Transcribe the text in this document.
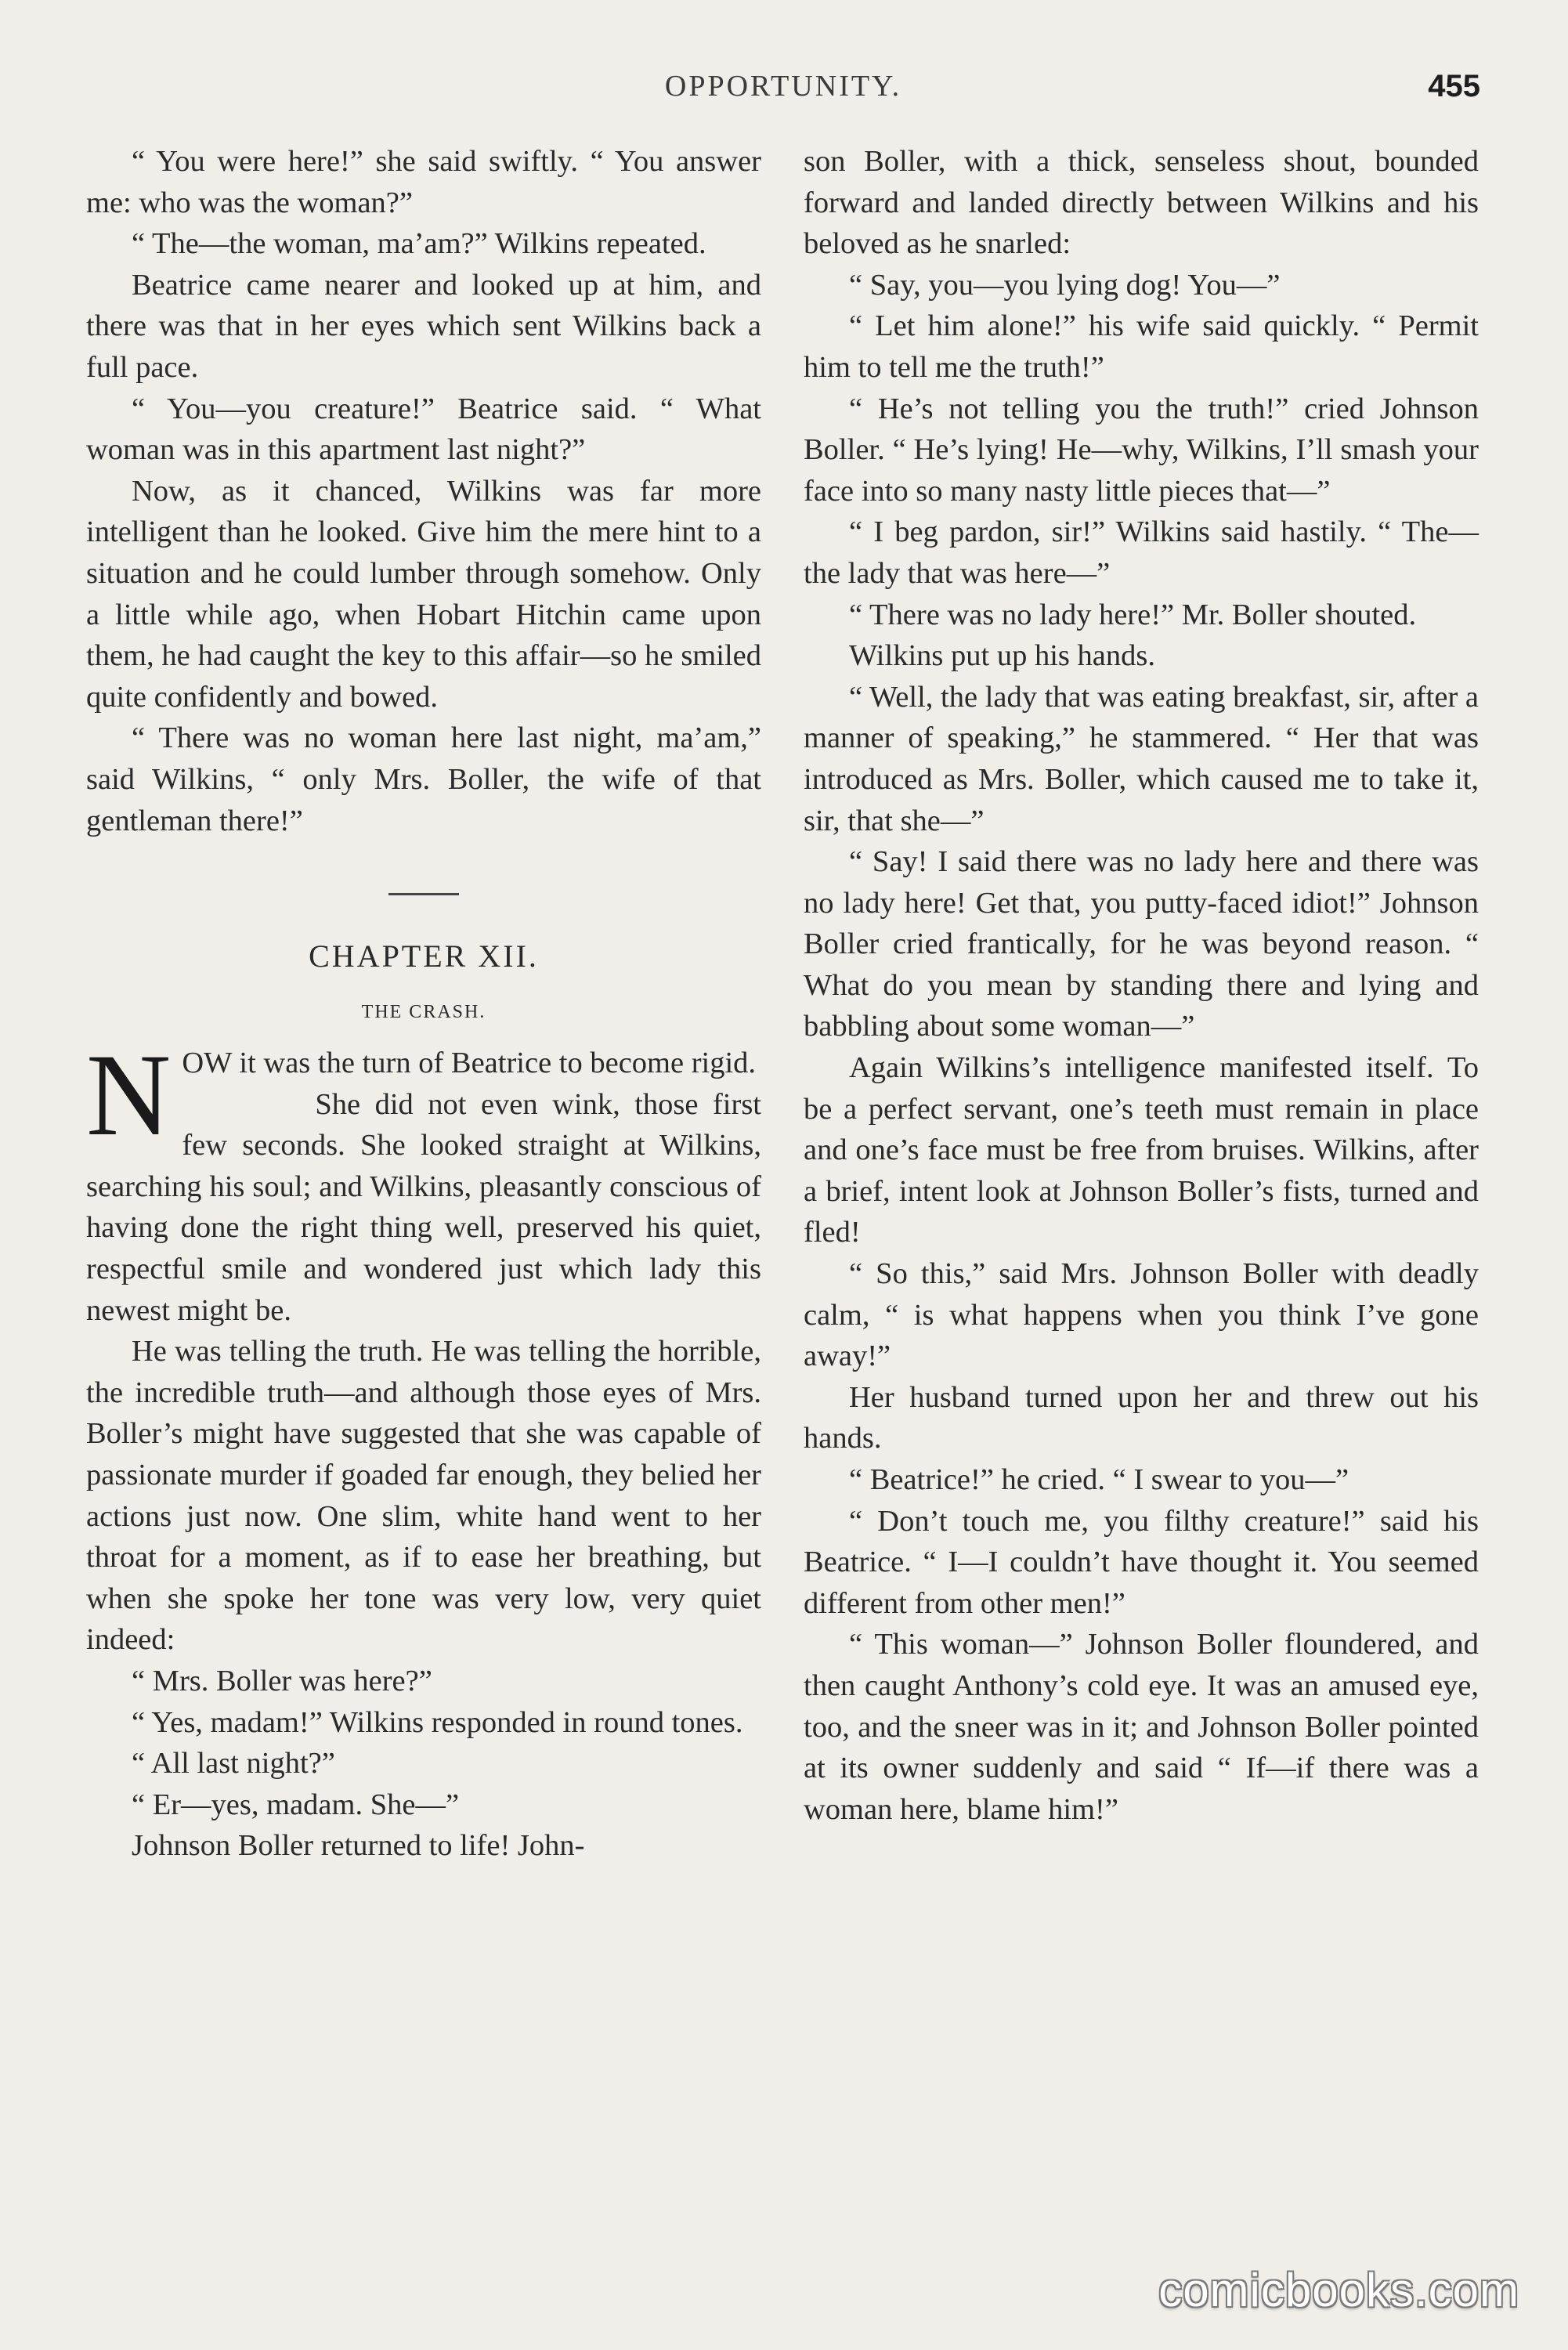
OPPORTUNITY.	455

“ You were here!” she said swiftly. “ You answer me: who was the woman?”

“ The—the woman, ma’am?” Wilkins repeated.

Beatrice came nearer and looked up at him, and there was that in her eyes which sent Wilkins back a full pace.

“ You—you creature!” Beatrice said. “ What woman was in this apartment last night?”

Now, as it chanced, Wilkins was far more intelligent than he looked. Give him the mere hint to a situation and he could lumber through somehow. Only a little while ago, when Hobart Hitchin came upon them, he had caught the key to this affair—so he smiled quite confidently and bowed.

“ There was no woman here last night, ma’am,” said Wilkins, “ only Mrs. Boller, the wife of that gentleman there!”

CHAPTER XII.
THE CRASH.

N OW it was the turn of Beatrice to become rigid.

She did not even wink, those first few seconds. She looked straight at Wilkins, searching his soul; and Wilkins, pleasantly conscious of having done the right thing well, preserved his quiet, respectful smile and wondered just which lady this newest might be.

He was telling the truth. He was telling the horrible, the incredible truth—and although those eyes of Mrs. Boller’s might have suggested that she was capable of passionate murder if goaded far enough, they belied her actions just now. One slim, white hand went to her throat for a moment, as if to ease her breathing, but when she spoke her tone was very low, very quiet indeed:

“ Mrs. Boller was here?”

“ Yes, madam!” Wilkins responded in round tones.

“ All last night?”

“ Er—yes, madam. She—”

Johnson Boller returned to life! John-

son Boller, with a thick, senseless shout, bounded forward and landed directly between Wilkins and his beloved as he snarled:

“ Say, you—you lying dog! You—”

“ Let him alone!” his wife said quickly. “ Permit him to tell me the truth!”

“ He’s not telling you the truth!” cried Johnson Boller. “ He’s lying! He—why, Wilkins, I’ll smash your face into so many nasty little pieces that—”

“ I beg pardon, sir!” Wilkins said hastily. “ The—the lady that was here—”

“ There was no lady here!” Mr. Boller shouted.

Wilkins put up his hands.

“ Well, the lady that was eating breakfast, sir, after a manner of speaking,” he stammered. “ Her that was introduced as Mrs. Boller, which caused me to take it, sir, that she—”

“ Say! I said there was no lady here and there was no lady here! Get that, you putty-faced idiot!” Johnson Boller cried frantically, for he was beyond reason. “ What do you mean by standing there and lying and babbling about some woman—”

Again Wilkins’s intelligence manifested itself. To be a perfect servant, one’s teeth must remain in place and one’s face must be free from bruises. Wilkins, after a brief, intent look at Johnson Boller’s fists, turned and fled!

“ So this,” said Mrs. Johnson Boller with deadly calm, “ is what happens when you think I’ve gone away!”

Her husband turned upon her and threw out his hands.

“ Beatrice!” he cried. “ I swear to you—”

“ Don’t touch me, you filthy creature!” said his Beatrice. “ I—I couldn’t have thought it. You seemed different from other men!”

“ This woman—” Johnson Boller floundered, and then caught Anthony’s cold eye. It was an amused eye, too, and the sneer was in it; and Johnson Boller pointed at its owner suddenly and said “ If—if there was a woman here, blame him!”

comicbooks.com
